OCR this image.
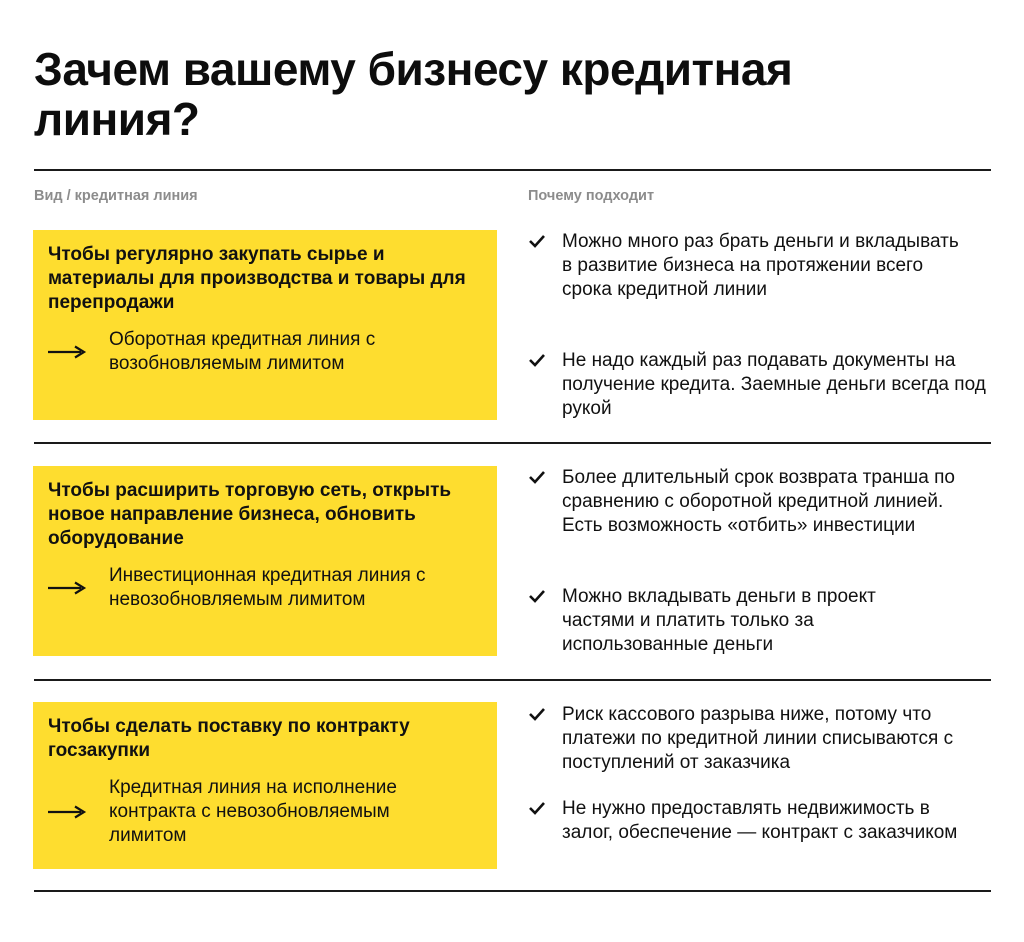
Зачем вашему бизнесу кредитная линия?
Вид / кредитная линия	Почему подходит

Чтобы регулярно закупать сырье и материалы для производства и товары для перепродажи

Оборотная кредитная линия с возобновляемым лимитом
Можно много раз брать деньги и вкладывать в развитие бизнеса на протяжении всего срока кредитной линии
Не надо каждый раз подавать документы на получение кредита. Заемные деньги всегда под рукой

Чтобы расширить торговую сеть, открыть новое направление бизнеса, обновить оборудование

Инвестиционная кредитная линия с невозобновляемым лимитом
Более длительный срок возврата транша по сравнению с оборотной кредитной линией. Есть возможность «отбить» инвестиции
Можно вкладывать деньги в проект частями и платить только за использованные деньги

Чтобы сделать поставку по контракту госзакупки

Кредитная линия на исполнение контракта с невозобновляемым лимитом
Риск кассового разрыва ниже, потому что платежи по кредитной линии списываются с поступлений от заказчика
Не нужно предоставлять недвижимость в залог, обеспечение — контракт с заказчиком
